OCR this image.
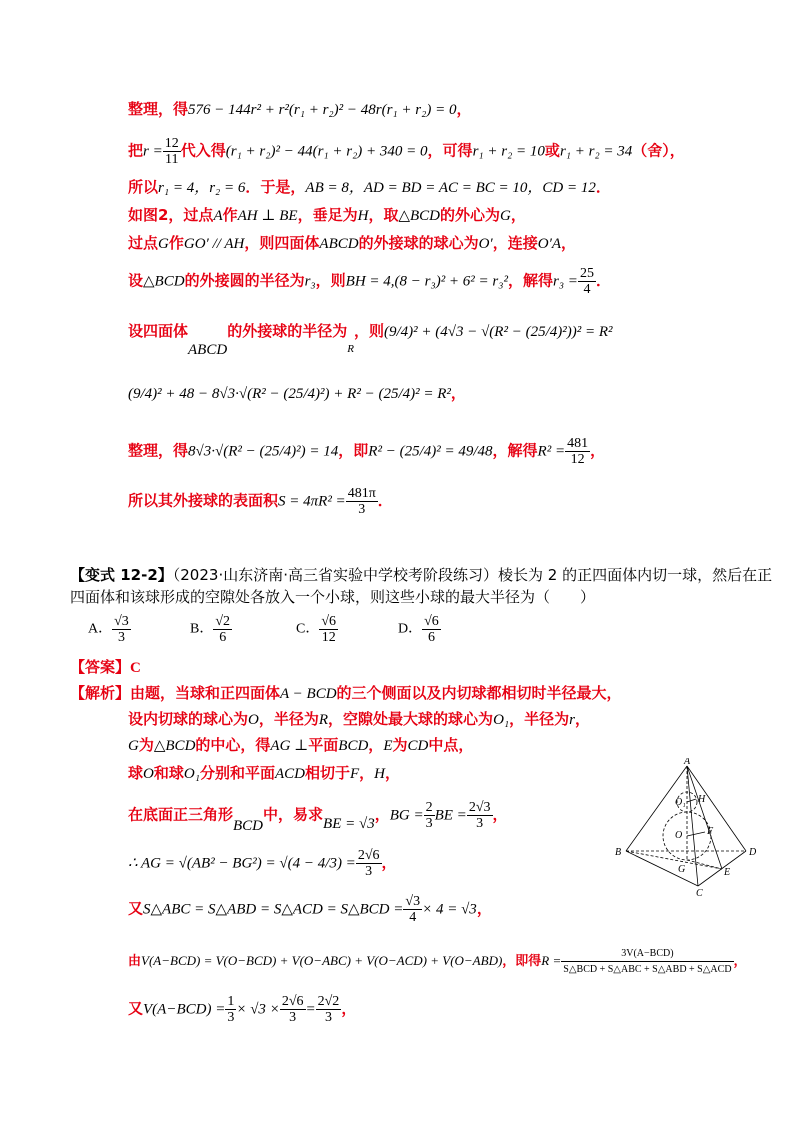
整理，得576 − 144r² + r²(r₁ + r₂)² − 48r(r₁ + r₂) = 0，
把$r = \frac{12}{11}$ 代入得(r₁ + r₂)² − 44(r₁ + r₂) + 340 = 0，可得r₁ + r₂ = 10或r₁ + r₂ = 34（舍），
所以r₁ = 4，r₂ = 6．于是，AB = 8，AD = BD = AC = BC = 10，CD = 12．
如图2，过点A作AH ⊥ BE，垂足为H，取△BCD的外心为G，
过点G作GO′ // AH，则四面体ABCD的外接球的球心为O′，连接O′A，
设△BCD的外接圆的半径为r₃，则BH = 4,(8 − r₃)² + 6² = r₃²，解得$r_3 = \frac{25}{4}$ ．
设四面体ABCD的外接球的半径为$_R$，则(9/4)² + (4√3 − √(R² − (25/4)²))² = R²
(9/4)² + 48 − 8√3·√(R² − (25/4)²) + R² − (25/4)² = R²，
整理，得8√3·√(R² − (25/4)²) = 14，即R² − (25/4)² = 49/48，解得$R^2 = \frac{481}{12}$ ，
所以其外接球的表面积$S = 4\pi R^2 = \frac{481\pi}{3}$ ．
【变式 12-2】（2023·山东济南·高三省实验中学校考阶段练习）棱长为 2 的正四面体内切一球，然后在正
四面体和该球形成的空隙处各放入一个小球，则这些小球的最大半径为（　　）
A． $\frac{√3}{3}$	B． $\frac{√2}{6}$	C． $\frac{√6}{12}$	D． $\frac{√6}{6}$
【答案】C
【解析】由题，当球和正四面体A − BCD的三个侧面以及内切球都相切时半径最大，
设内切球的球心为O，半径为R，空隙处最大球的球心为O₁，半径为r，
G为△BCD的中心，得AG ⊥平面BCD，E为CD中点，
球O和球O₁分别和平面ACD相切于F，H，
在底面正三角形BCD中，易求BE = √3，BG = $\frac{2}{3}$ BE = $\frac{2√3}{3}$ ，
∴ AG = $√(AB^2 - BG^2) = √(4 - 4/3) = \frac{2√6}{3}$ ，
又S△ABC = S△ABD = S△ACD = S△BCD = $\frac{√3}{4} \times 4 = √3$，
由V(A−BCD) = V(O−BCD) + V(O−ABC) + V(O−ACD) + V(O−ABD)，即得$R = \frac{\text{3V(A−BCD)}}{\text{S△BCD + S△ABC + S△ABD + S△ACD}}$ ，
又$V(A-BCD) = \frac{1}{3} \times √3 \times \frac{2√6}{3} = \frac{2√2}{3}$ ，
A
H
O₁
O F
B	D
G	E
C
